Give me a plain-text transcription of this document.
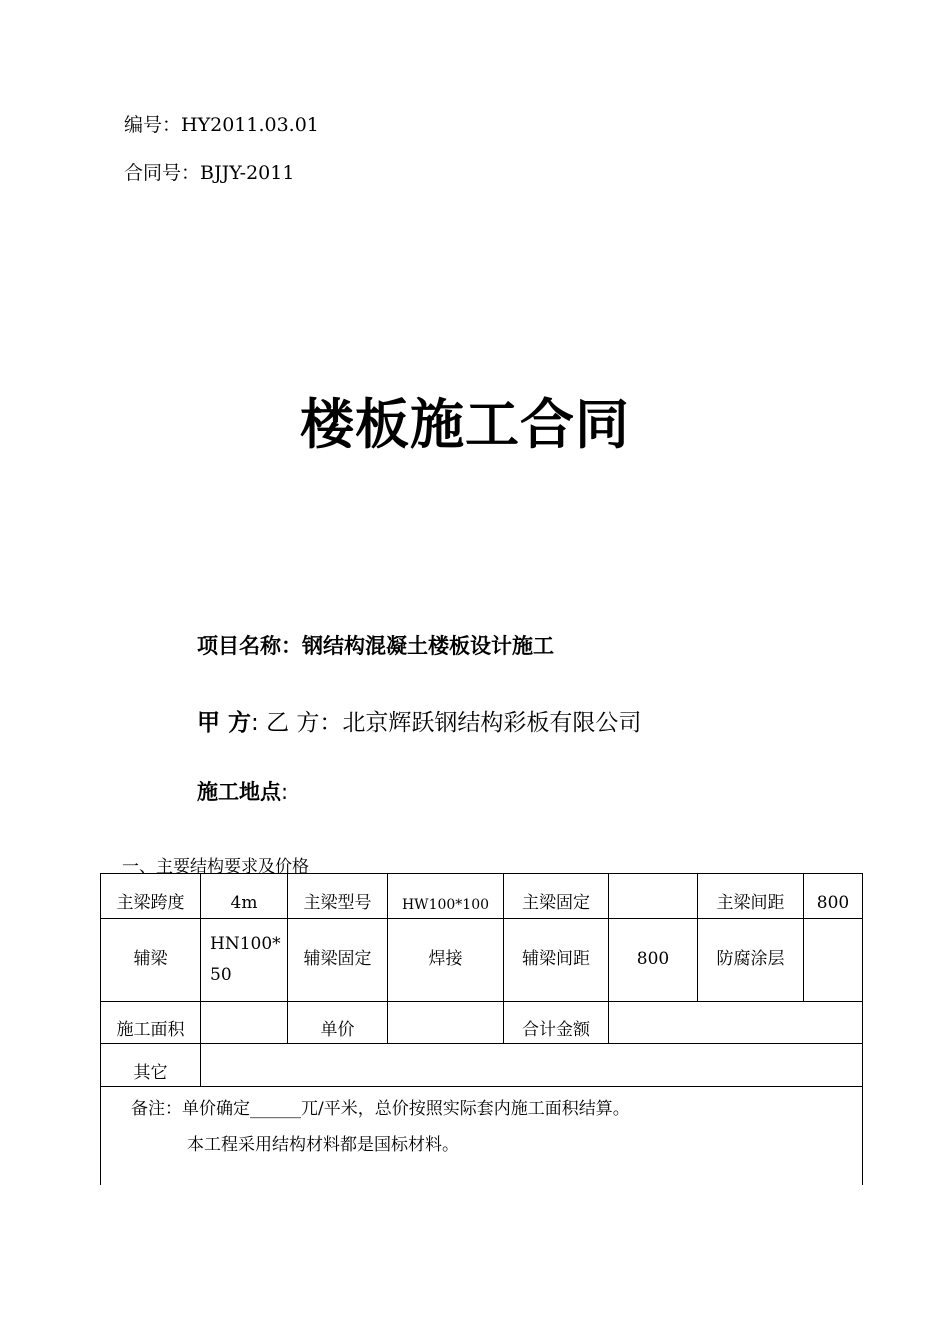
编号：HY2011.03.01
合同号：BJJY-2011
楼板施工合同
项目名称：钢结构混凝土楼板设计施工
甲 方: 乙 方：北京辉跃钢结构彩板有限公司
施工地点:
一、主要结构要求及价格
主梁跨度	4m	主梁型号	HW100*100	主梁固定		主梁间距	800
辅梁	HN100*50	辅梁固定	焊接	辅梁间距	800	防腐涂层	
施工面积		单价		合计金额			
其它							

备注：单价确定______兀/平米，总价按照实际套内施工面积结算。

本工程采用结构材料都是国标材料。							
